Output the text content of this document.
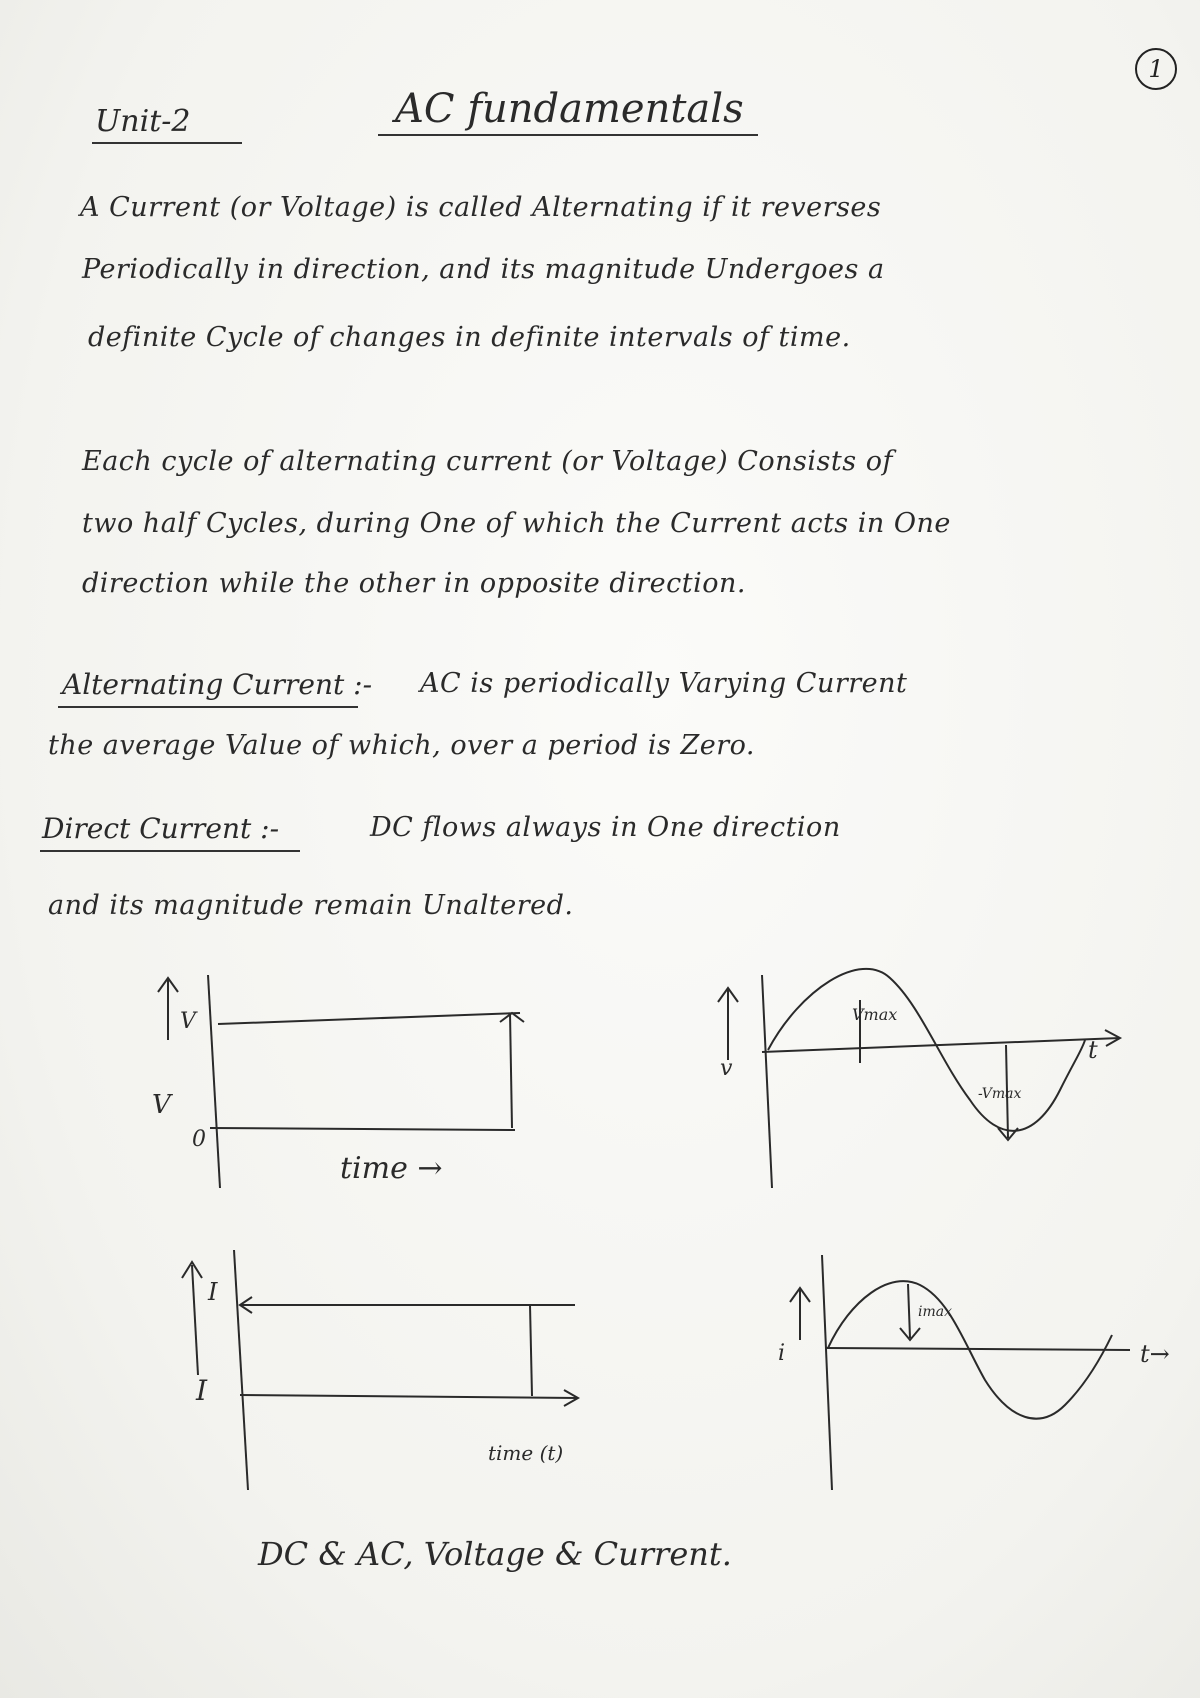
1
Unit-2	AC fundamentals
A Current (or Voltage) is called Alternating if it reverses
Periodically in direction, and its magnitude Undergoes a
definite Cycle of changes in definite intervals of time.
Each cycle of alternating current (or Voltage) Consists of
two half Cycles, during One of which the Current acts in One
direction while the other in opposite direction.
Alternating Current :- AC is periodically Varying Current
the average Value of which, over a period is Zero.
Direct Current :-	DC flows always in One direction
and its magnitude remain Unaltered.
V
V
0
time →
v
Vmax
-Vmax
t
I
I
time (t)
i
imax
t→
DC & AC, Voltage & Current.
